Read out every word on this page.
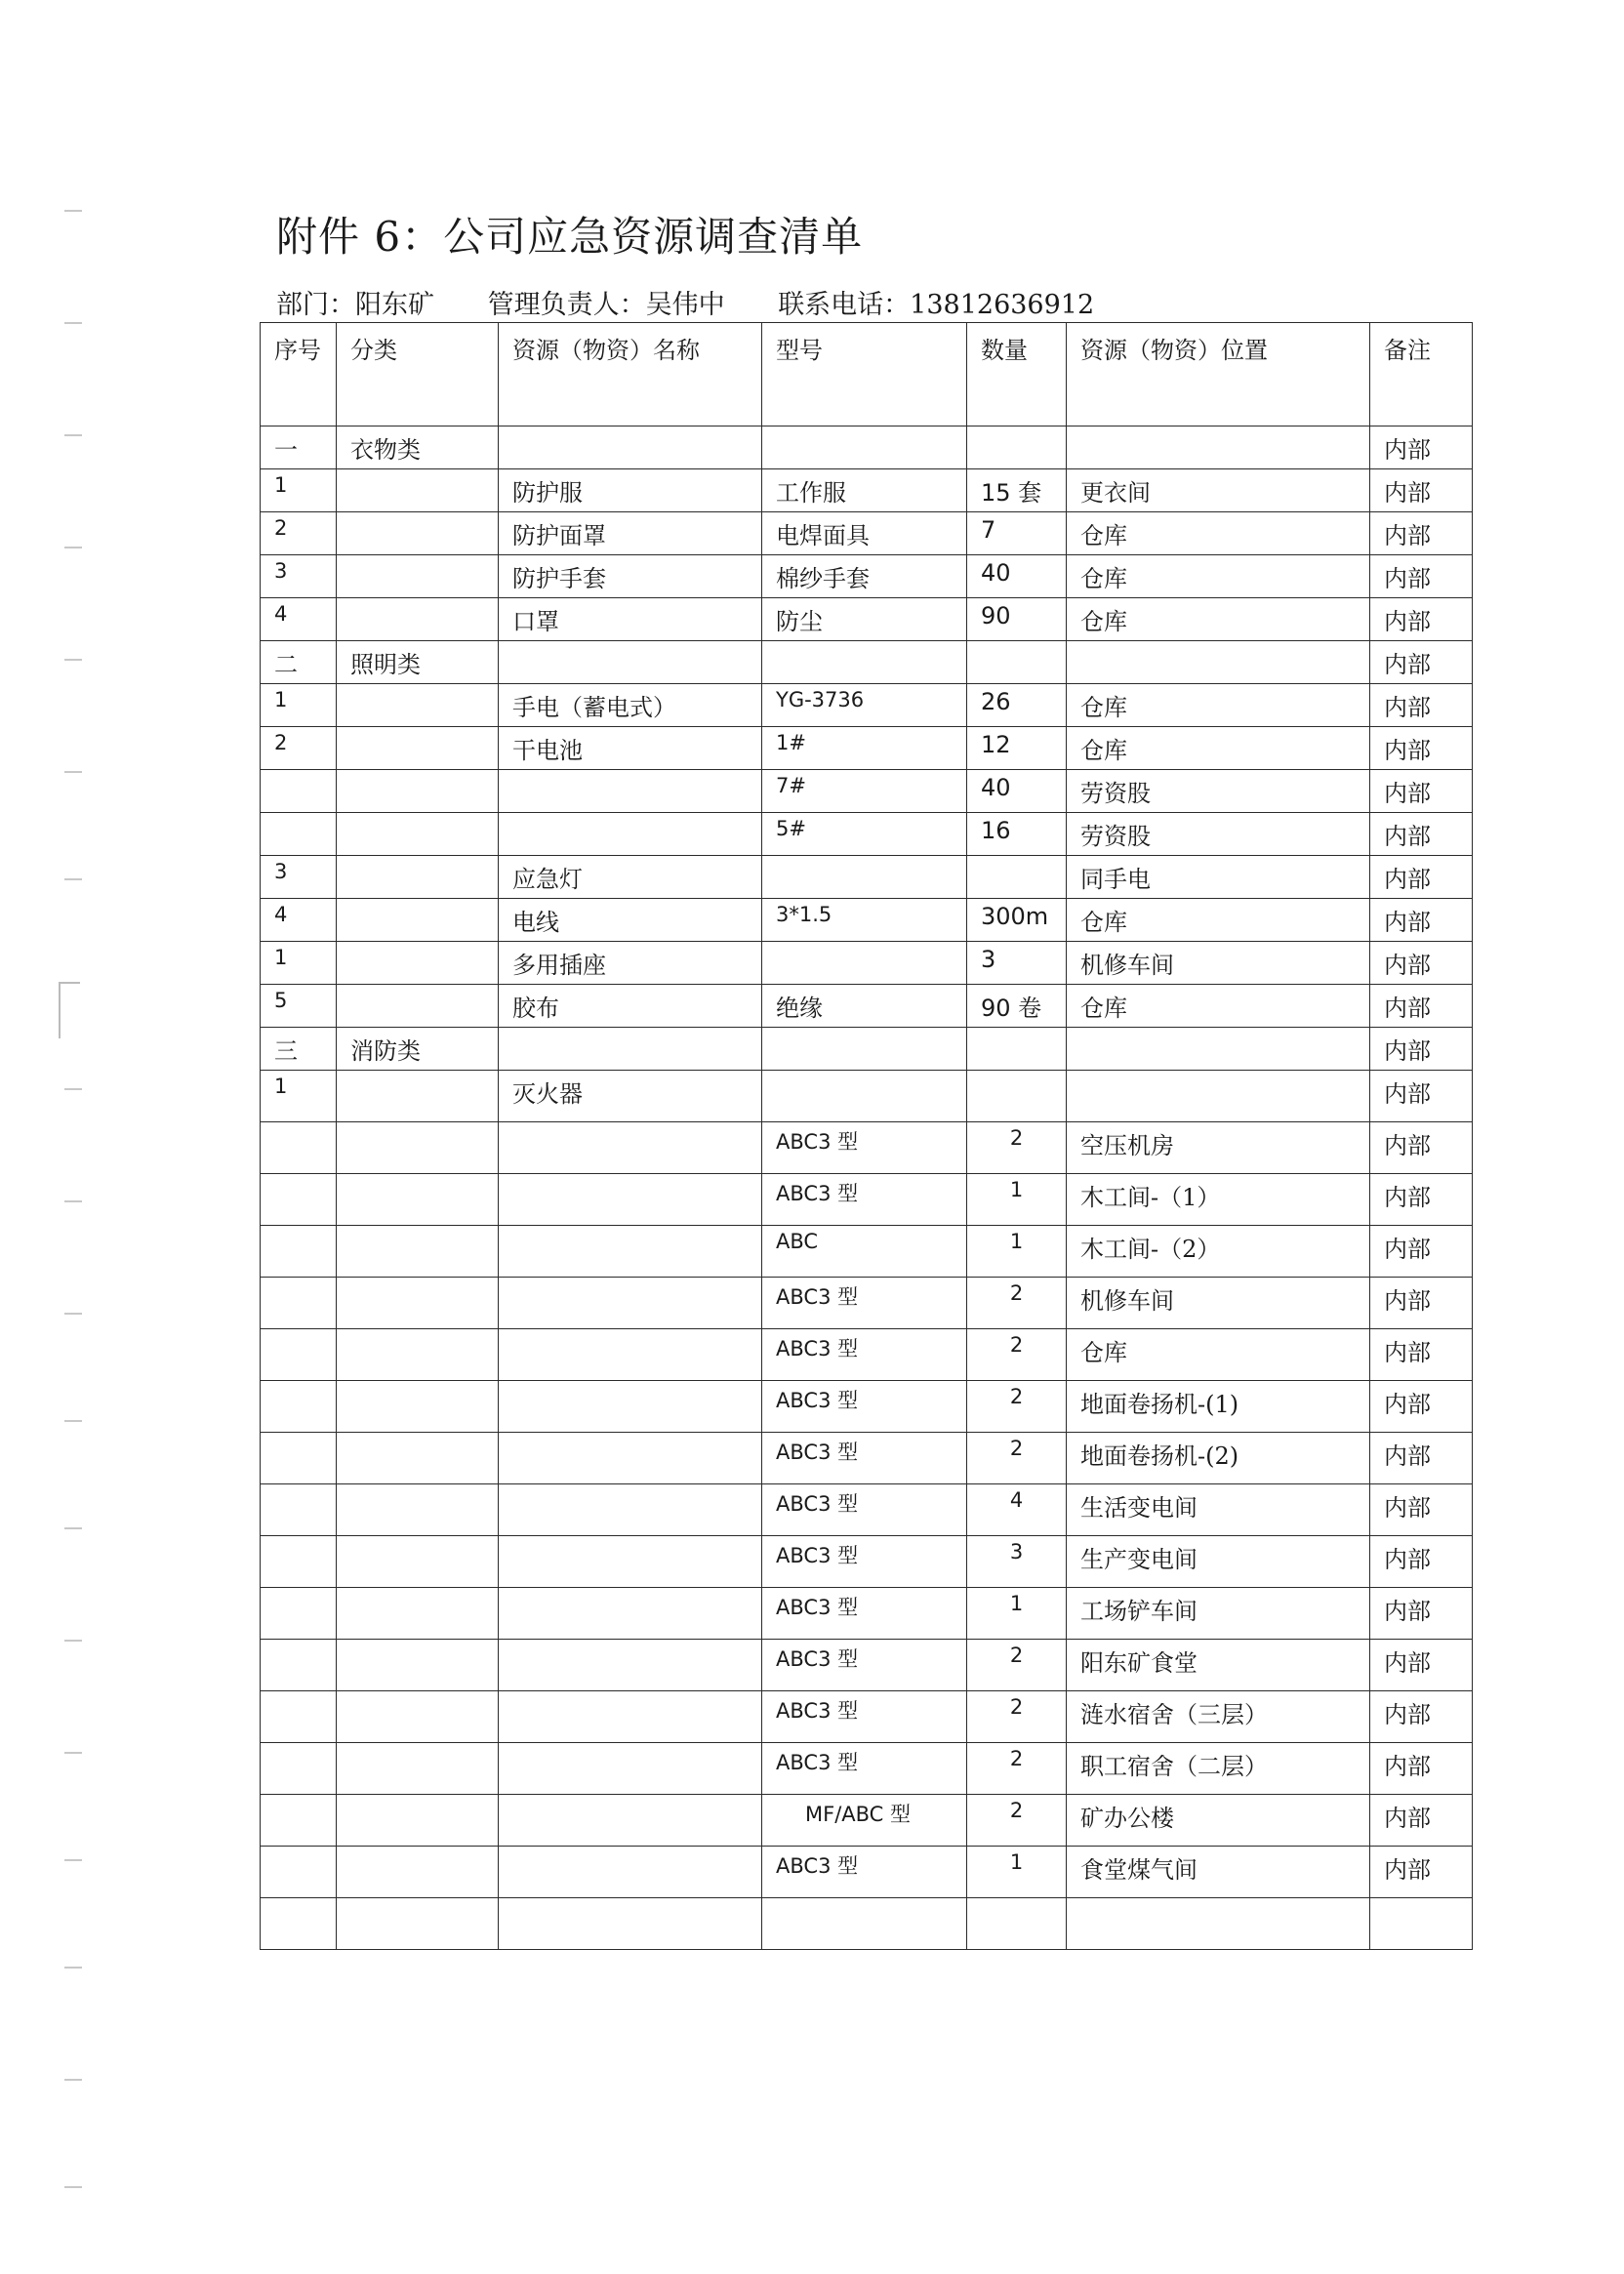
附件 6：公司应急资源调查清单
部门：阳东矿 管理负责人：吴伟中 联系电话：13812636912
序号	分类	资源（物资）名称	型号	数量	资源（物资）位置	备注
一	衣物类					内部
1		防护服	工作服	15 套	更衣间	内部
2		防护面罩	电焊面具	7	仓库	内部
3		防护手套	棉纱手套	40	仓库	内部
4		口罩	防尘	90	仓库	内部
二	照明类					内部
1		手电（蓄电式）	YG-3736	26	仓库	内部
2		干电池	1#	12	仓库	内部
			7#	40	劳资股	内部
			5#	16	劳资股	内部
3		应急灯			同手电	内部
4		电线	3*1.5	300m	仓库	内部
1		多用插座		3	机修车间	内部
5		胶布	绝缘	90 卷	仓库	内部
三	消防类					内部
1		灭火器				内部
			ABC3 型	2	空压机房	内部
			ABC3 型	1	木工间-（1）	内部
			ABC	1	木工间-（2）	内部
			ABC3 型	2	机修车间	内部
			ABC3 型	2	仓库	内部
			ABC3 型	2	地面卷扬机-(1)	内部
			ABC3 型	2	地面卷扬机-(2)	内部
			ABC3 型	4	生活变电间	内部
			ABC3 型	3	生产变电间	内部
			ABC3 型	1	工场铲车间	内部
			ABC3 型	2	阳东矿食堂	内部
			ABC3 型	2	涟水宿舍（三层）	内部
			ABC3 型	2	职工宿舍（二层）	内部
			MF/ABC 型	2	矿办公楼	内部
			ABC3 型	1	食堂煤气间	内部
